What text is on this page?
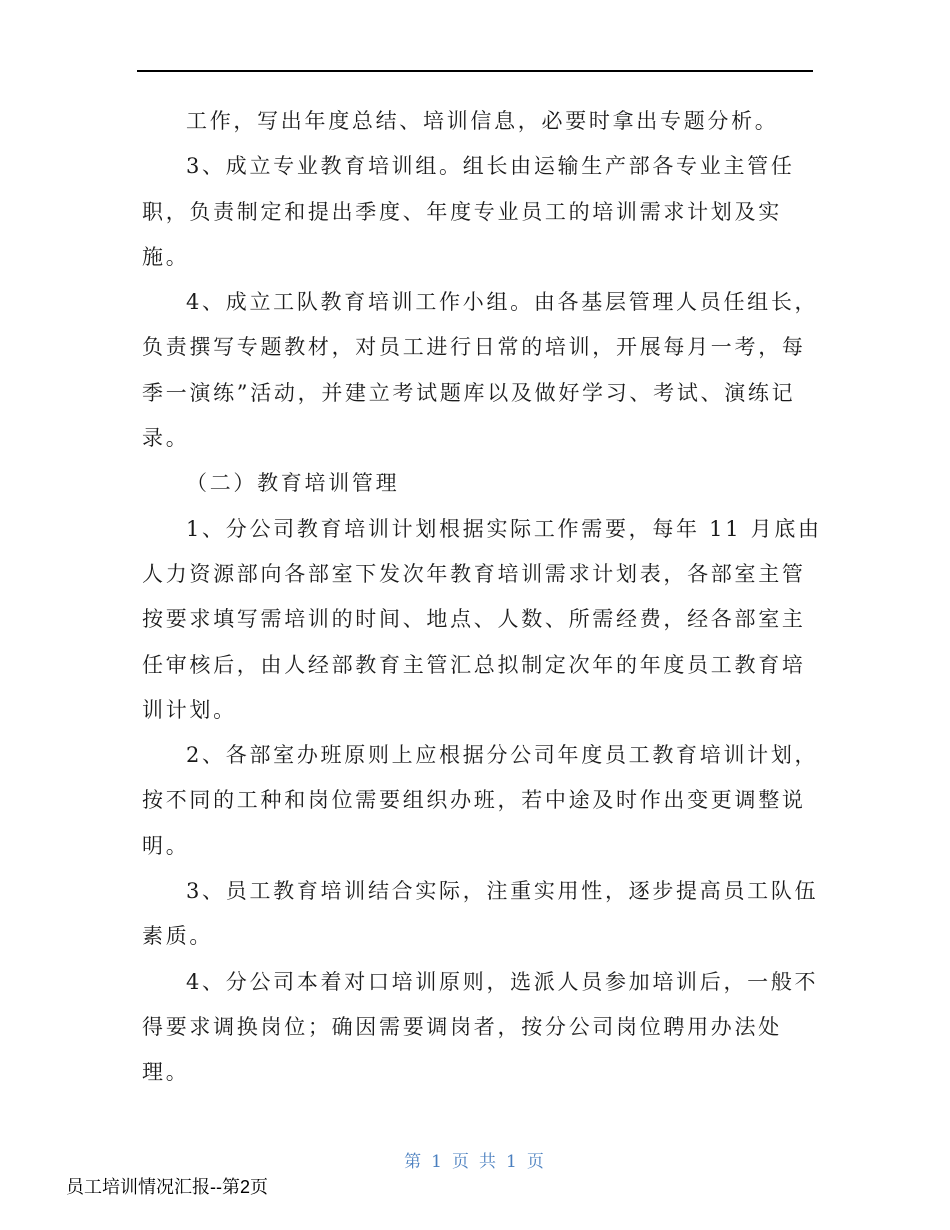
工作，写出年度总结、培训信息，必要时拿出专题分析。
3、成立专业教育培训组。组长由运输生产部各专业主管任
职，负责制定和提出季度、年度专业员工的培训需求计划及实
施。
4、成立工队教育培训工作小组。由各基层管理人员任组长，
负责撰写专题教材，对员工进行日常的培训，开展每月一考，每
季一演练”活动，并建立考试题库以及做好学习、考试、演练记
录。
（二）教育培训管理
1、分公司教育培训计划根据实际工作需要，每年 11 月底由
人力资源部向各部室下发次年教育培训需求计划表，各部室主管
按要求填写需培训的时间、地点、人数、所需经费，经各部室主
任审核后，由人经部教育主管汇总拟制定次年的年度员工教育培
训计划。
2、各部室办班原则上应根据分公司年度员工教育培训计划，
按不同的工种和岗位需要组织办班，若中途及时作出变更调整说
明。
3、员工教育培训结合实际，注重实用性，逐步提高员工队伍
素质。
4、分公司本着对口培训原则，选派人员参加培训后，一般不
得要求调换岗位；确因需要调岗者，按分公司岗位聘用办法处
理。
第 1 页 共 1 页
员工培训情况汇报--第2页
